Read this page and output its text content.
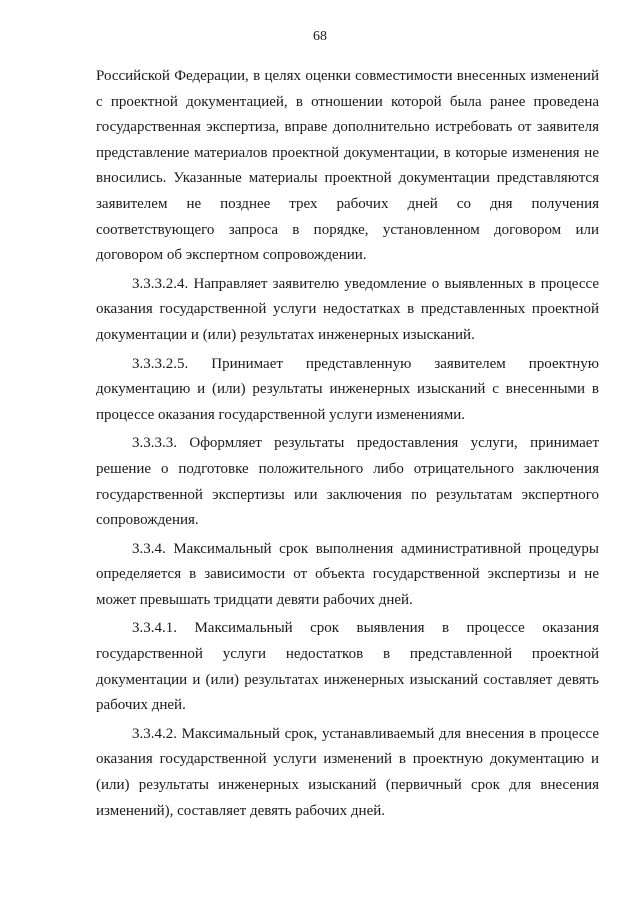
68

Российской Федерации, в целях оценки совместимости внесенных изменений с проектной документацией, в отношении которой была ранее проведена государственная экспертиза, вправе дополнительно истребовать от заявителя представление материалов проектной документации, в которые изменения не вносились. Указанные материалы проектной документации представляются заявителем не позднее трех рабочих дней со дня получения соответствующего запроса в порядке, установленном договором или договором об экспертном сопровождении.

3.3.3.2.4. Направляет заявителю уведомление о выявленных в процессе оказания государственной услуги недостатках в представленных проектной документации и (или) результатах инженерных изысканий.

3.3.3.2.5. Принимает представленную заявителем проектную документацию и (или) результаты инженерных изысканий с внесенными в процессе оказания государственной услуги изменениями.

3.3.3.3. Оформляет результаты предоставления услуги, принимает решение о подготовке положительного либо отрицательного заключения государственной экспертизы или заключения по результатам экспертного сопровождения.

3.3.4. Максимальный срок выполнения административной процедуры определяется в зависимости от объекта государственной экспертизы и не может превышать тридцати девяти рабочих дней.

3.3.4.1. Максимальный срок выявления в процессе оказания государственной услуги недостатков в представленной проектной документации и (или) результатах инженерных изысканий составляет девять рабочих дней.

3.3.4.2. Максимальный срок, устанавливаемый для внесения в процессе оказания государственной услуги изменений в проектную документацию и (или) результаты инженерных изысканий (первичный срок для внесения изменений), составляет девять рабочих дней.
